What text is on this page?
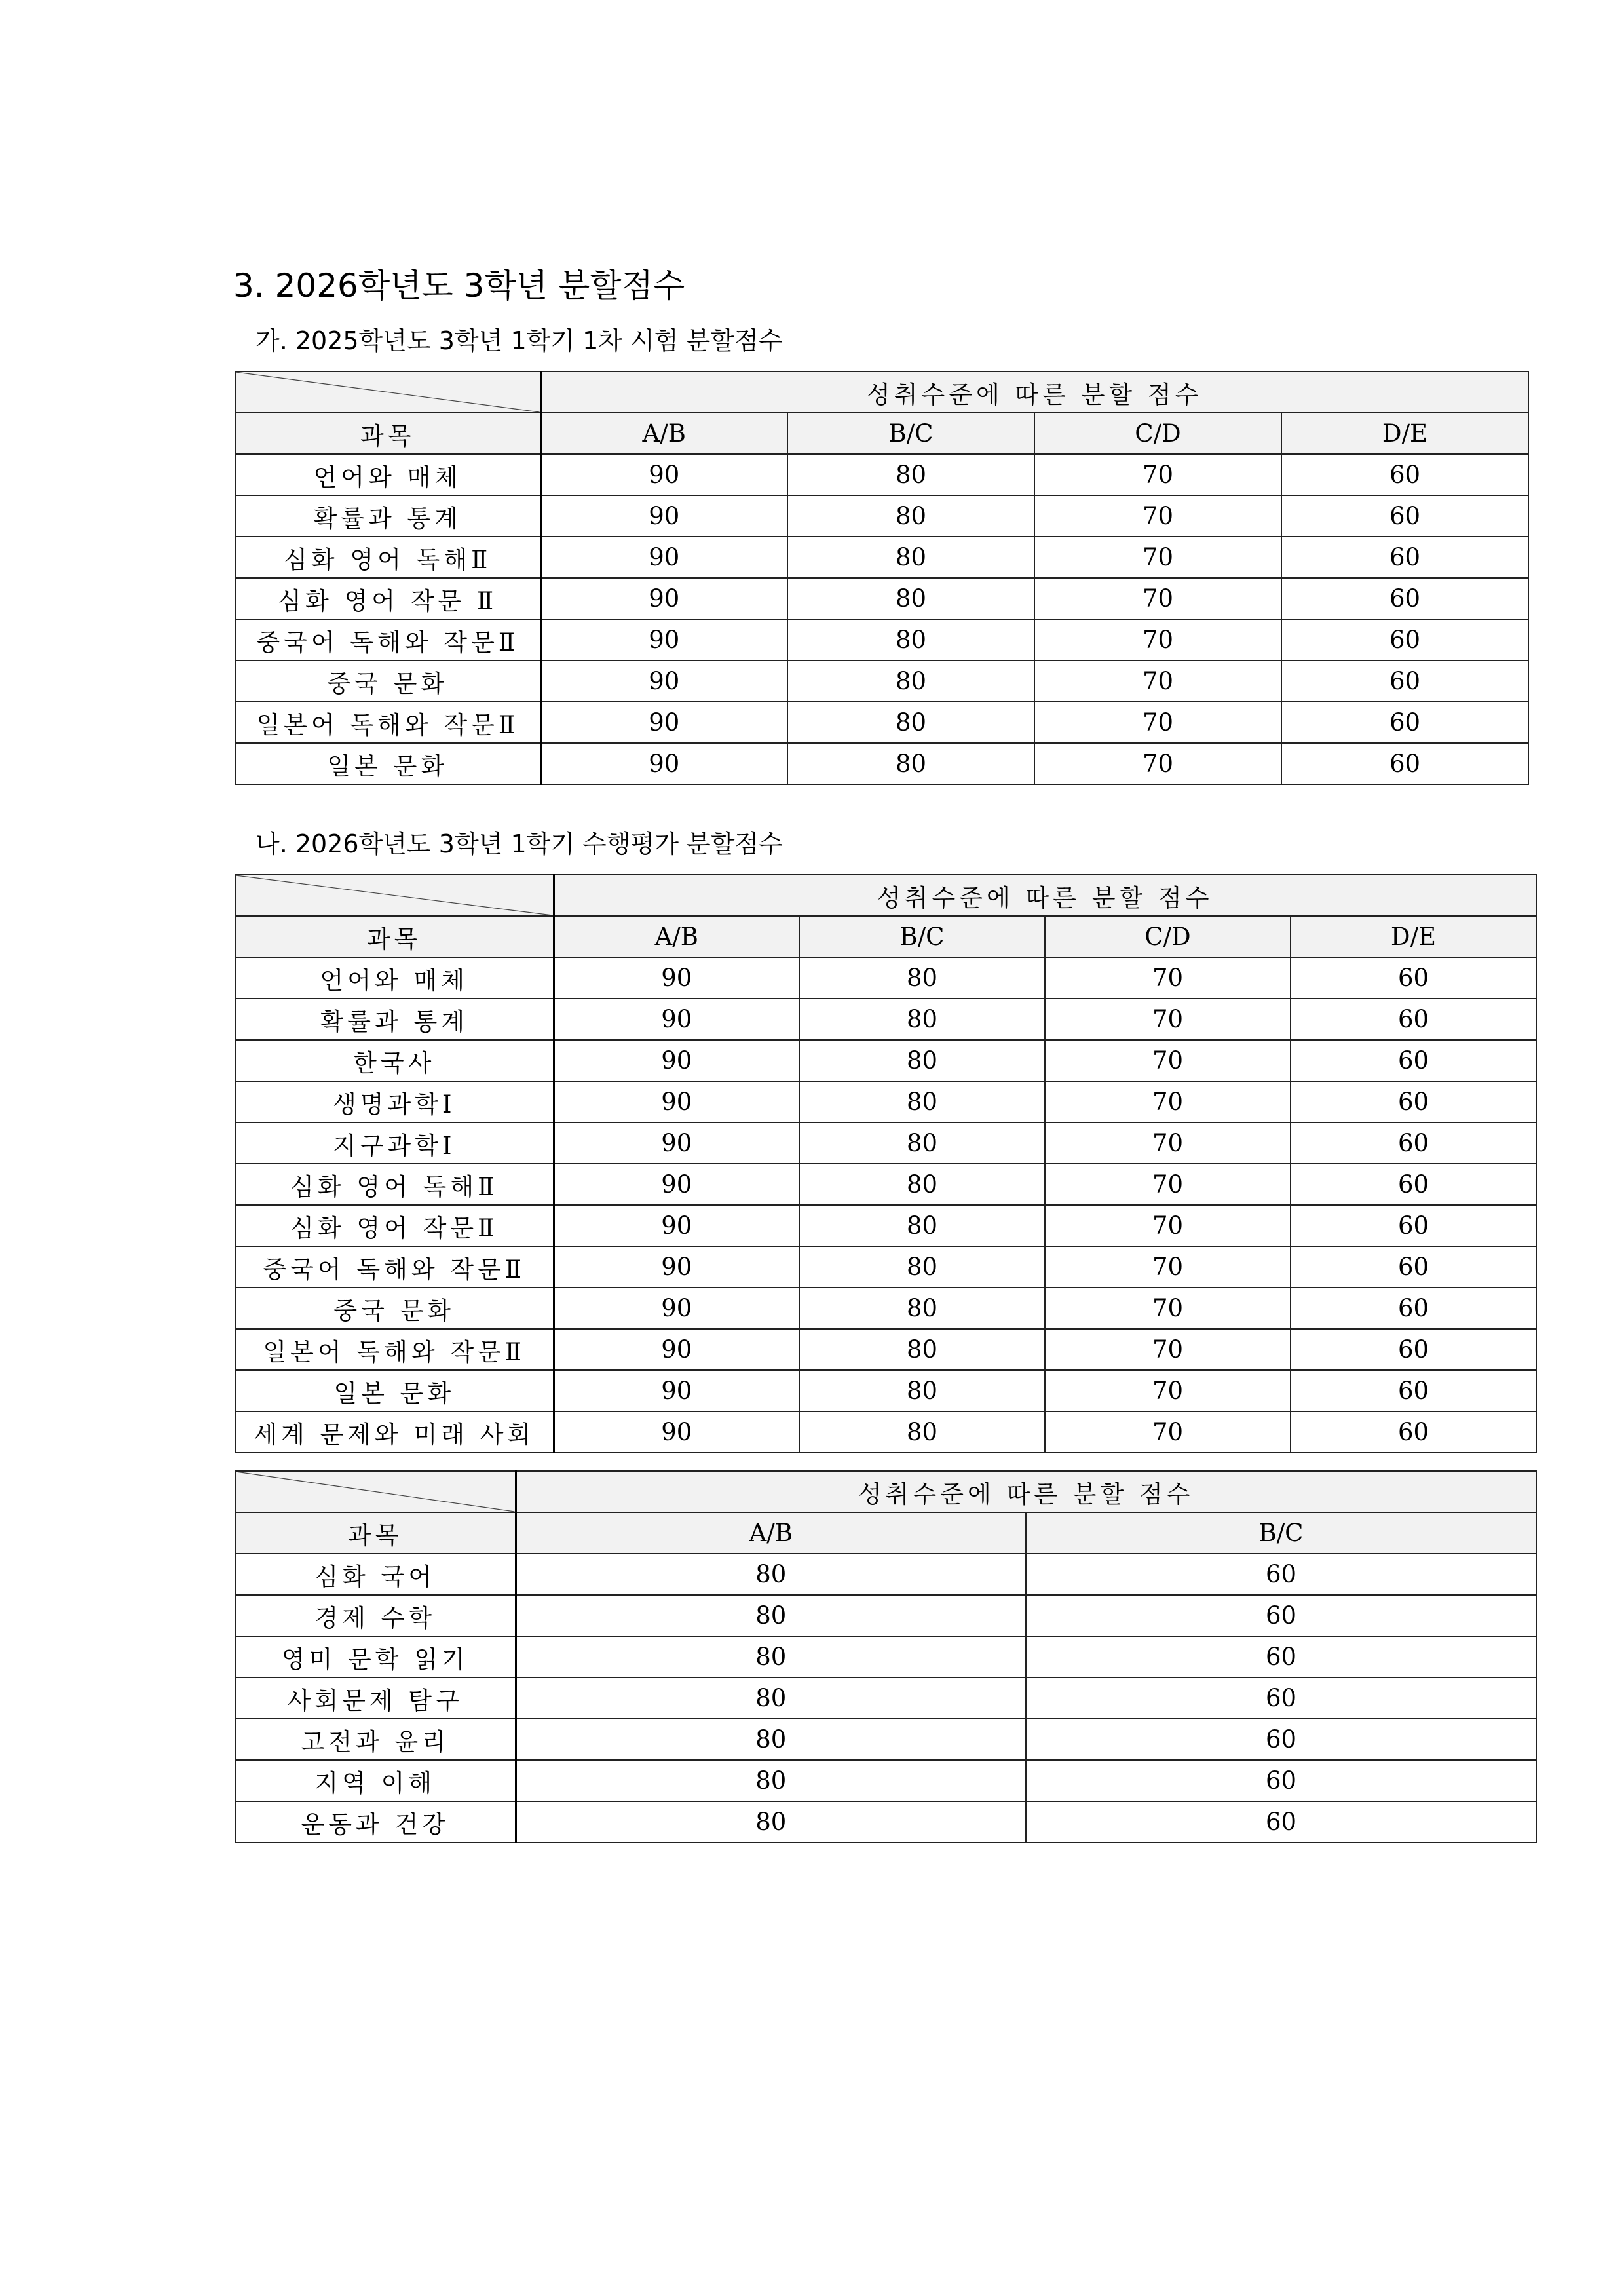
3. 2026학년도 3학년 분할점수
가. 2025학년도 3학년 1학기 1차 시험 분할점수
	성취수준에 따른 분할 점수			
과목	A/B	B/C	C/D	D/E
언어와 매체	90	80	70	60
확률과 통계	90	80	70	60
심화 영어 독해Ⅱ	90	80	70	60
심화 영어 작문 Ⅱ	90	80	70	60
중국어 독해와 작문Ⅱ	90	80	70	60
중국 문화	90	80	70	60
일본어 독해와 작문Ⅱ	90	80	70	60
일본 문화	90	80	70	60
나. 2026학년도 3학년 1학기 수행평가 분할점수
	성취수준에 따른 분할 점수			
과목	A/B	B/C	C/D	D/E
언어와 매체	90	80	70	60
확률과 통계	90	80	70	60
한국사	90	80	70	60
생명과학Ⅰ	90	80	70	60
지구과학Ⅰ	90	80	70	60
심화 영어 독해Ⅱ	90	80	70	60
심화 영어 작문Ⅱ	90	80	70	60
중국어 독해와 작문Ⅱ	90	80	70	60
중국 문화	90	80	70	60
일본어 독해와 작문Ⅱ	90	80	70	60
일본 문화	90	80	70	60
세계 문제와 미래 사회	90	80	70	60
	성취수준에 따른 분할 점수	
과목	A/B	B/C
심화 국어	80	60
경제 수학	80	60
영미 문학 읽기	80	60
사회문제 탐구	80	60
고전과 윤리	80	60
지역 이해	80	60
운동과 건강	80	60
